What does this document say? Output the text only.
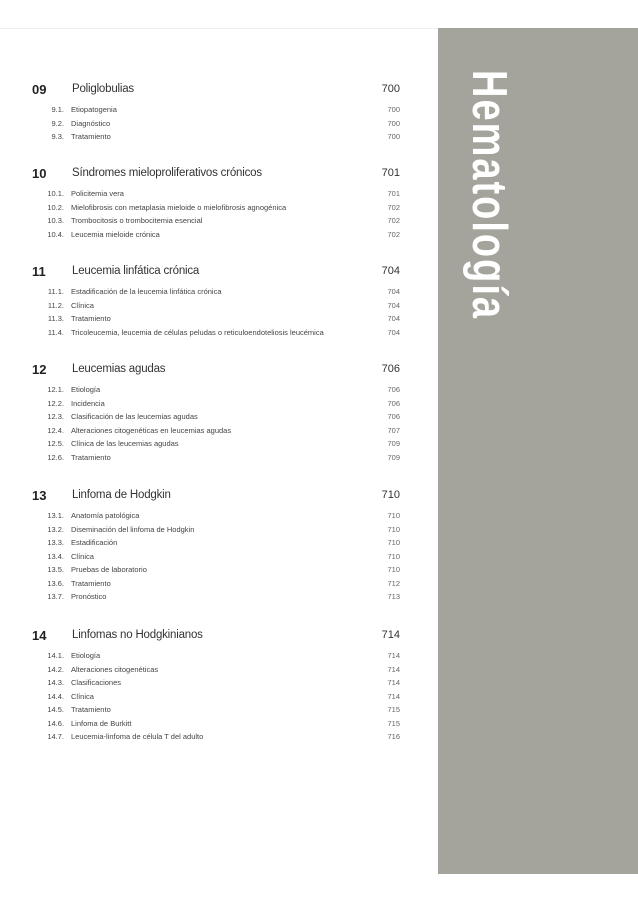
Hematología
09 Poliglobulias	700
9.1. Etiopatogenia	700
9.2. Diagnóstico	700
9.3. Tratamiento	700
10 Síndromes mieloproliferativos crónicos	701
10.1. Policitemia vera	701
10.2. Mielofibrosis con metaplasia mieloide o mielofibrosis agnogénica	702
10.3. Trombocitosis o trombocitemia esencial	702
10.4. Leucemia mieloide crónica	702
11 Leucemia linfática crónica	704
11.1. Estadificación de la leucemia linfática crónica	704
11.2. Clínica	704
11.3. Tratamiento	704
11.4. Tricoleucemia, leucemia de células peludas o reticuloendoteliosis leucémica	704
12 Leucemias agudas	706
12.1. Etiología	706
12.2. Incidencia	706
12.3. Clasificación de las leucemias agudas	706
12.4. Alteraciones citogenéticas en leucemias agudas	707
12.5. Clínica de las leucemias agudas	709
12.6. Tratamiento	709
13 Linfoma de Hodgkin	710
13.1. Anatomía patológica	710
13.2. Diseminación del linfoma de Hodgkin	710
13.3. Estadificación	710
13.4. Clínica	710
13.5. Pruebas de laboratorio	710
13.6. Tratamiento	712
13.7. Pronóstico	713
14 Linfomas no Hodgkinianos	714
14.1. Etiología	714
14.2. Alteraciones citogenéticas	714
14.3. Clasificaciones	714
14.4. Clínica	714
14.5. Tratamiento	715
14.6. Linfoma de Burkitt	715
14.7. Leucemia-linfoma de célula T del adulto	716
